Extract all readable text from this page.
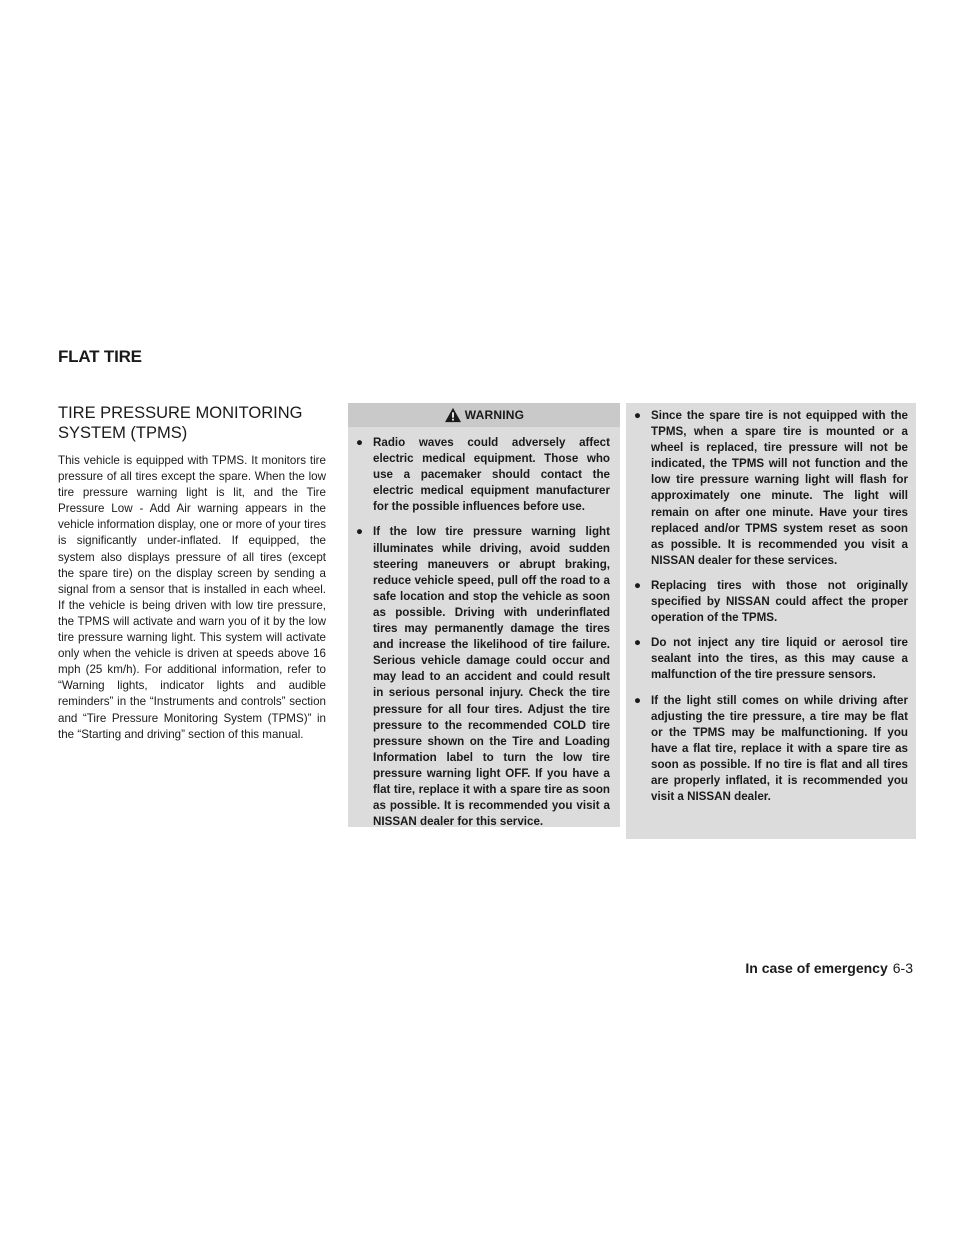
FLAT TIRE
TIRE PRESSURE MONITORING
SYSTEM (TPMS)

This vehicle is equipped with TPMS. It monitors tire pressure of all tires except the spare. When the low tire pressure warning light is lit, and the Tire Pressure Low - Add Air warning appears in the vehicle information display, one or more of your tires is significantly under-inflated. If equipped, the system also displays pressure of all tires (except the spare tire) on the display screen by sending a signal from a sensor that is installed in each wheel. If the vehicle is being driven with low tire pressure, the TPMS will activate and warn you of it by the low tire pressure warning light. This system will activate only when the vehicle is driven at speeds above 16 mph (25 km/h). For additional information, refer to “Warning lights, indicator lights and audible reminders” in the “Instruments and controls” section and “Tire Pressure Monitoring System (TPMS)” in the “Starting and driving” section of this manual.

WARNING
● Radio waves could adversely affect electric medical equipment. Those who use a pacemaker should contact the electric medical equipment manufacturer for the possible influences before use.
● If the low tire pressure warning light illuminates while driving, avoid sudden steering maneuvers or abrupt braking, reduce vehicle speed, pull off the road to a safe location and stop the vehicle as soon as possible. Driving with underinflated tires may permanently damage the tires and increase the likelihood of tire failure. Serious vehicle damage could occur and may lead to an accident and could result in serious personal injury. Check the tire pressure for all four tires. Adjust the tire pressure to the recommended COLD tire pressure shown on the Tire and Loading Information label to turn the low tire pressure warning light OFF. If you have a flat tire, replace it with a spare tire as soon as possible. It is recommended you visit a NISSAN dealer for this service.
● Since the spare tire is not equipped with the TPMS, when a spare tire is mounted or a wheel is replaced, tire pressure will not be indicated, the TPMS will not function and the low tire pressure warning light will flash for approximately one minute. The light will remain on after one minute. Have your tires replaced and/or TPMS system reset as soon as possible. It is recommended you visit a NISSAN dealer for these services.
● Replacing tires with those not originally specified by NISSAN could affect the proper operation of the TPMS.
● Do not inject any tire liquid or aerosol tire sealant into the tires, as this may cause a malfunction of the tire pressure sensors.
● If the light still comes on while driving after adjusting the tire pressure, a tire may be flat or the TPMS may be malfunctioning. If you have a flat tire, replace it with a spare tire as soon as possible. If no tire is flat and all tires are properly inflated, it is recommended you visit a NISSAN dealer.
In case of emergency 6-3
